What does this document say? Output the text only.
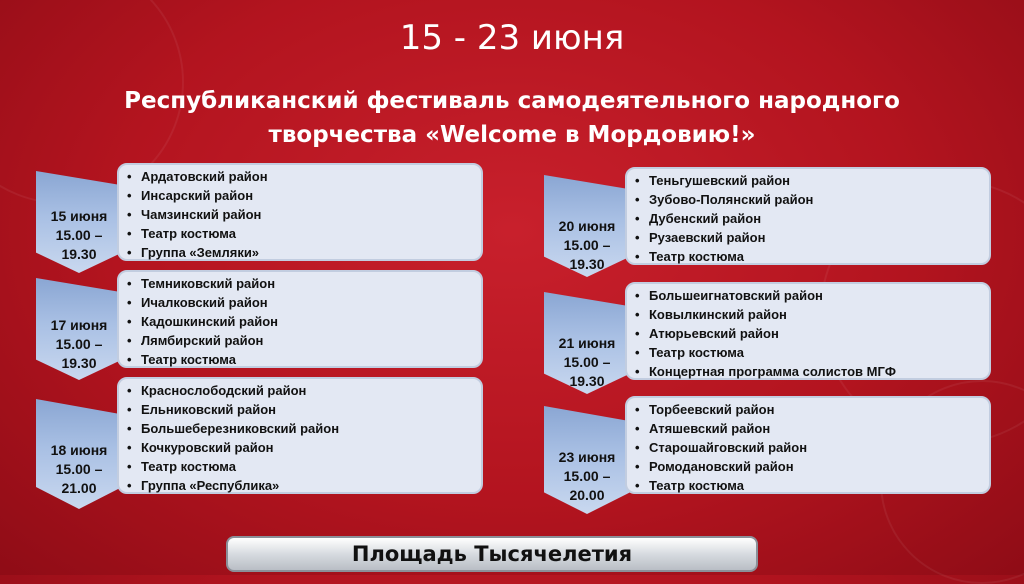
15 - 23 июня
Республиканский фестиваль самодеятельного народного
творчества «Welcome в Мордовию!»
15 июня
15.00 –
19.30
• Ардатовский район
• Инсарский район
• Чамзинский район
• Театр костюма
• Группа «Земляки»
17 июня
15.00 –
19.30
• Темниковский район
• Ичалковский район
• Кадошкинский район
• Лямбирский район
• Театр костюма
18 июня
15.00 –
21.00
• Краснослободский район
• Ельниковский район
• Большеберезниковский район
• Кочкуровский район
• Театр костюма
• Группа «Республика»
20 июня
15.00 –
19.30
• Теньгушевский район
• Зубово-Полянский район
• Дубенский район
• Рузаевский район
• Театр костюма
21 июня
15.00 –
19.30
• Большеигнатовский район
• Ковылкинский район
• Атюрьевский район
• Театр костюма
• Концертная программа солистов МГФ
23 июня
15.00 –
20.00
• Торбеевский район
• Атяшевский район
• Старошайговский район
• Ромодановский район
• Театр костюма
Площадь Тысячелетия
